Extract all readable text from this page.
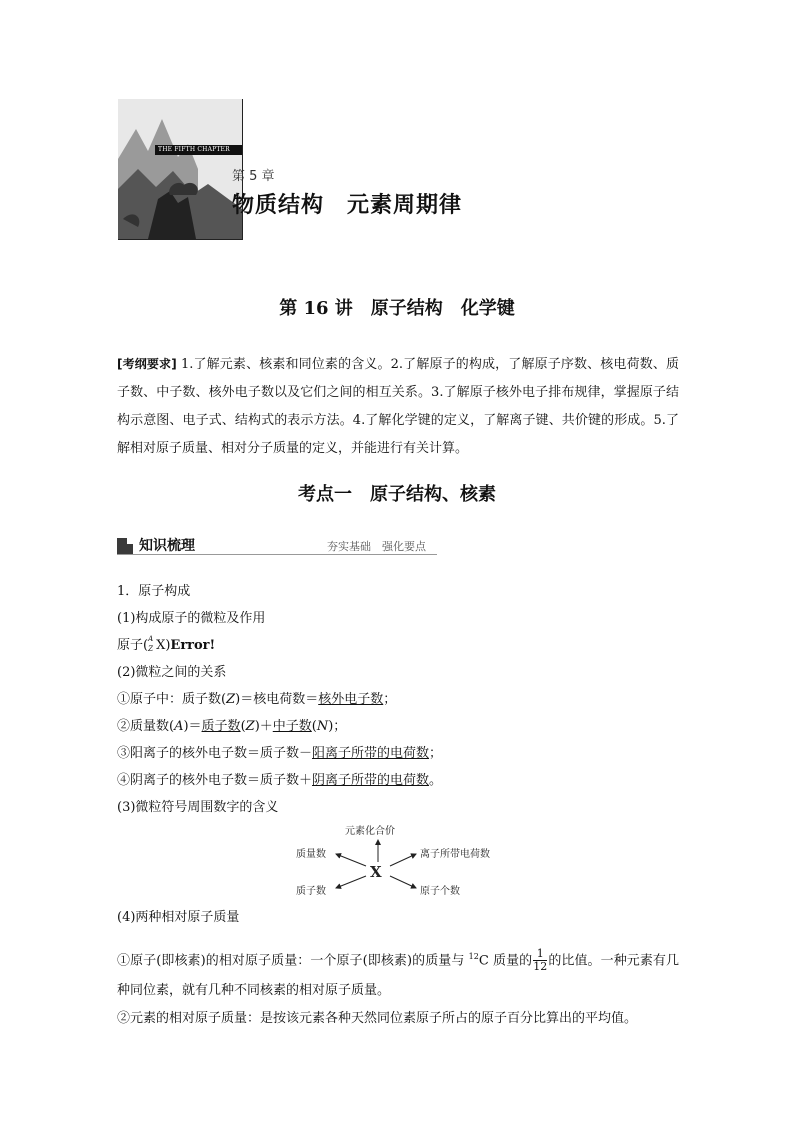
THE FIFTH CHAPTER
第 5 章
物质结构　元素周期律
第 16 讲　原子结构　化学键
[考纲要求] 1.了解元素、核素和同位素的含义。2.了解原子的构成，了解原子序数、核电荷数、质子数、中子数、核外电子数以及它们之间的相互关系。3.了解原子核外电子排布规律，掌握原子结构示意图、电子式、结构式的表示方法。4.了解化学键的定义，了解离子键、共价键的形成。5.了解相对原子质量、相对分子质量的定义，并能进行有关计算。
考点一　原子结构、核素
知识梳理	夯实基础　强化要点
1．原子构成
(1)构成原子的微粒及作用
原子( A
Z X)Error!
(2)微粒之间的关系
①原子中：质子数(Z)＝核电荷数＝核外电子数；
②质量数(A)＝质子数(Z)＋中子数(N)；
③阳离子的核外电子数＝质子数－阳离子所带的电荷数；
④阴离子的核外电子数＝质子数＋阴离子所带的电荷数。
(3)微粒符号周围数字的含义
元素化合价
质量数	离子所带电荷数
质子数	原子个数
X
(4)两种相对原子质量
①原子(即核素)的相对原子质量：一个原子(即核素)的质量与 $^{12}$C 质量的 $\frac{1}{12}$ 的比值。一种元素有几种同位素，就有几种不同核素的相对原子质量。
②元素的相对原子质量：是按该元素各种天然同位素原子所占的原子百分比算出的平均值。
